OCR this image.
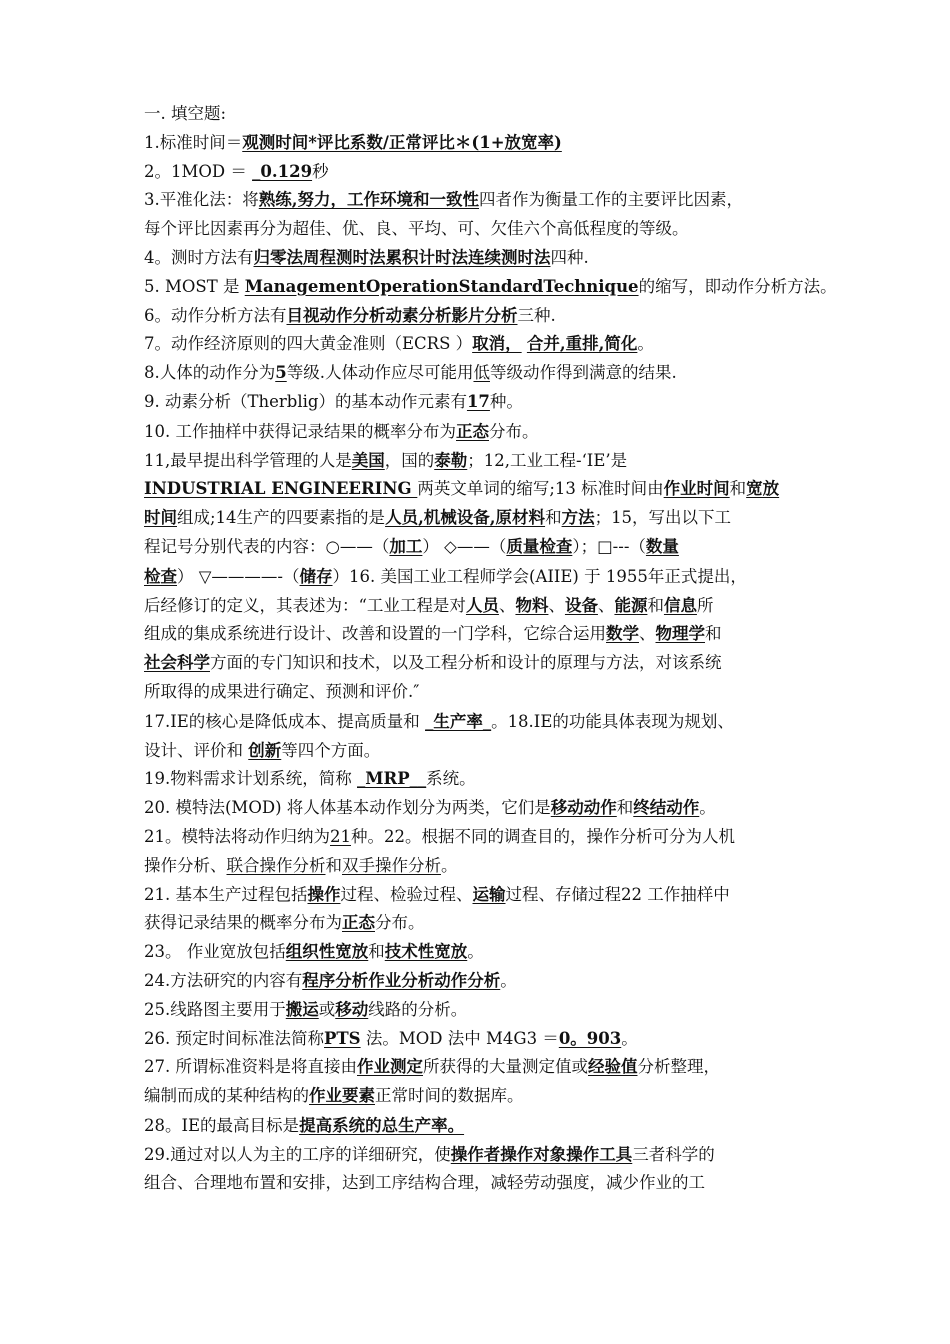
一. 填空题:
1.标准时间＝观测时间*评比系数/正常评比＊(1+放宽率)
2。1MOD ＝ _0.129秒
3.平准化法：将熟练,努力，工作环境和一致性四者作为衡量工作的主要评比因素，
每个评比因素再分为超佳、优、良、平均、可、欠佳六个高低程度的等级。
4。测时方法有归零法周程测时法累积计时法连续测时法四种.
5. MOST 是 ManagementOperationStandardTechnique的缩写，即动作分析方法。
6。动作分析方法有目视动作分析动素分析影片分析三种.
7。动作经济原则的四大黄金准则（ECRS ）取消， 合并,重排,简化。
8.人体的动作分为5等级.人体动作应尽可能用低等级动作得到满意的结果.
9. 动素分析（Therblig）的基本动作元素有17种。
10. 工作抽样中获得记录结果的概率分布为正态分布。
11,最早提出科学管理的人是美国，国的泰勒；12,工业工程-‘IE’是
INDUSTRIAL ENGINEERING 两英文单词的缩写;13 标准时间由作业时间和宽放
时间组成;14生产的四要素指的是人员,机械设备,原材料和方法；15，写出以下工
程记号分别代表的内容：○——（加工） ◇——（质量检查）；□---（数量
检查） ▽————-（储存）16. 美国工业工程师学会(AIIE) 于 1955年正式提出，
后经修订的定义，其表述为：“工业工程是对人员、物料、设备、能源和信息所
组成的集成系统进行设计、改善和设置的一门学科，它综合运用数学、物理学和
社会科学方面的专门知识和技术，以及工程分析和设计的原理与方法，对该系统
所取得的成果进行确定、预测和评价.″
17.IE的核心是降低成本、提高质量和 _生产率_。18.IE的功能具体表现为规划、
设计、评价和 创新等四个方面。
19.物料需求计划系统，简称 _MRP__系统。
20. 模特法(MOD) 将人体基本动作划分为两类，它们是移动动作和终结动作。
21。模特法将动作归纳为21种。22。根据不同的调查目的，操作分析可分为人机
操作分析、联合操作分析和双手操作分析。
21. 基本生产过程包括操作过程、检验过程、运输过程、存储过程22 工作抽样中
获得记录结果的概率分布为正态分布。
23。 作业宽放包括组织性宽放和技术性宽放。
24.方法研究的内容有程序分析作业分析动作分析。
25.线路图主要用于搬运或移动线路的分析。
26. 预定时间标准法简称PTS 法。MOD 法中 M4G3 ＝0。903。
27. 所谓标准资料是将直接由作业测定所获得的大量测定值或经验值分析整理，
编制而成的某种结构的作业要素正常时间的数据库。
28。IE的最高目标是提高系统的总生产率。
29.通过对以人为主的工序的详细研究，使操作者操作对象操作工具三者科学的
组合、合理地布置和安排，达到工序结构合理，减轻劳动强度，减少作业的工
